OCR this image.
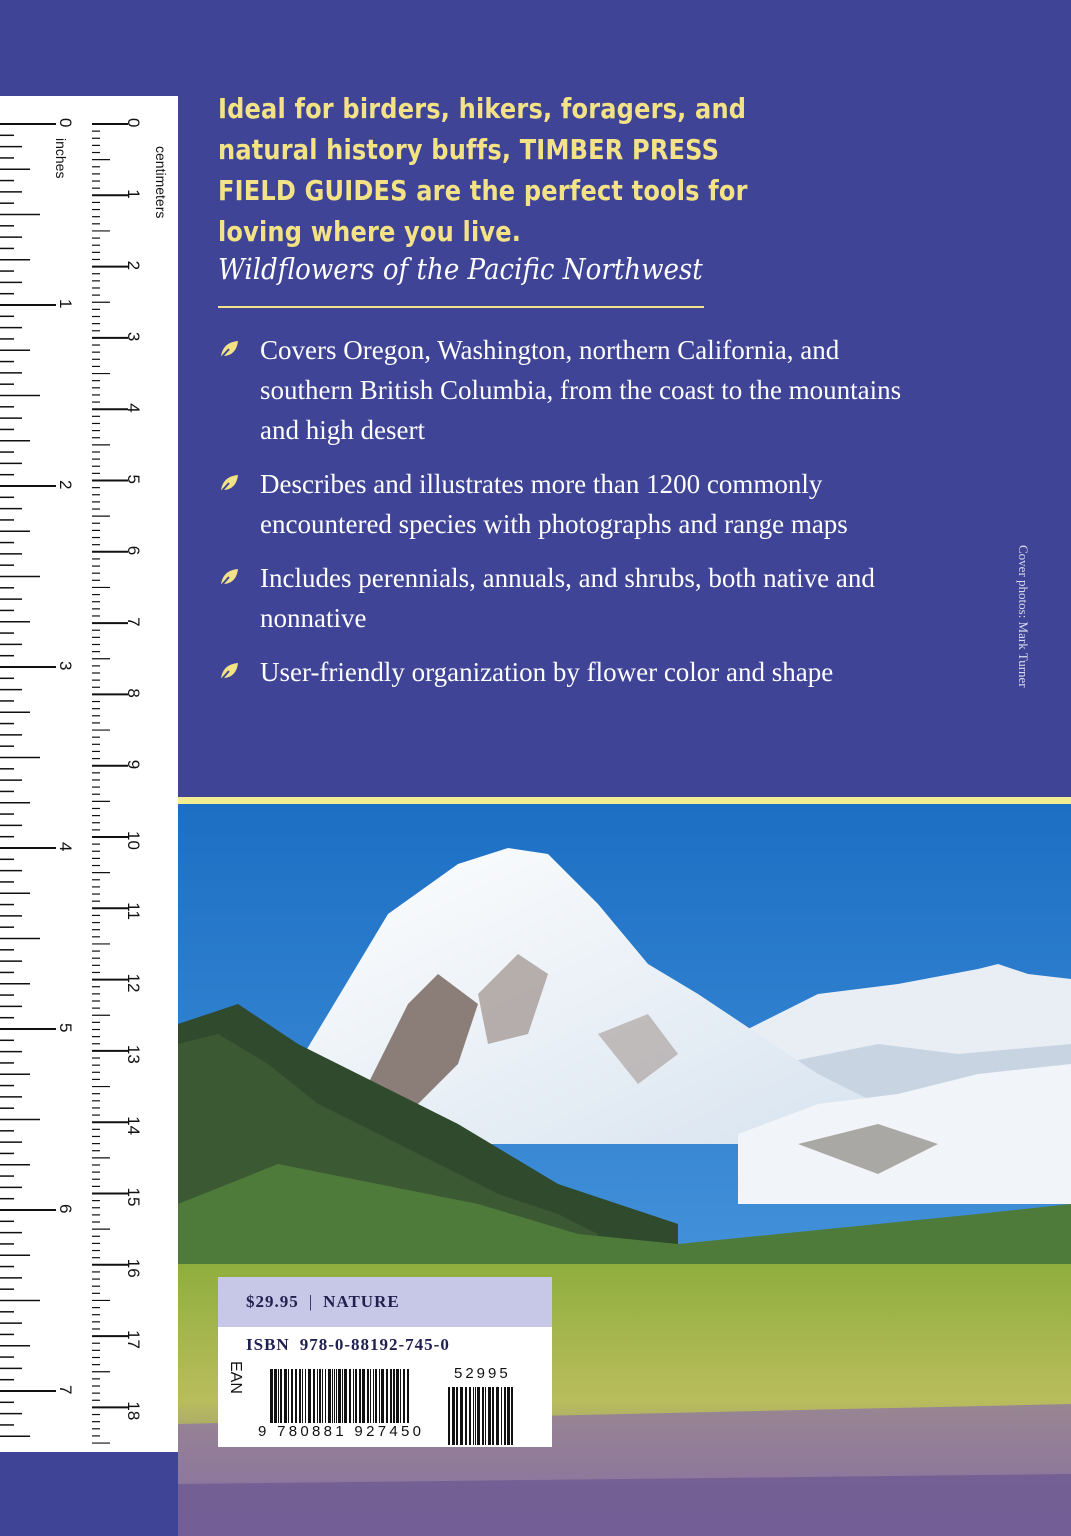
Ideal for birders, hikers, foragers, and natural history buffs, TIMBER PRESS FIELD GUIDES are the perfect tools for loving where you live.
Wildflowers of the Pacific Northwest
Covers Oregon, Washington, northern California, and southern British Columbia, from the coast to the mountains and high desert
Describes and illustrates more than 1200 commonly encountered species with photographs and range maps
Includes perennials, annuals, and shrubs, both native and nonnative
User-friendly organization by flower color and shape	Cover photos: Mark Turner
inches	centimeters
0
1
2
3
4
5
6
7
0
1
2
3
4
5
6
7
8
9
10
11
12
13
14
15
16
17
18
$29.95 | NATURE
ISBN 978-0-88192-745-0
EAN
9 780881 927450
52995
